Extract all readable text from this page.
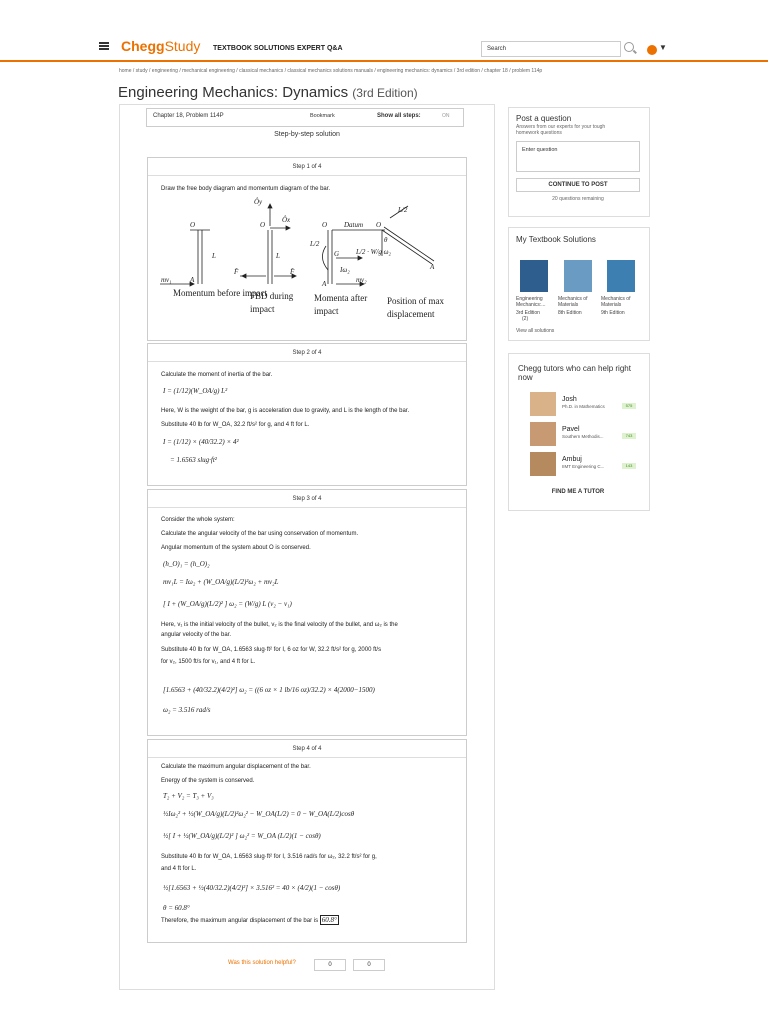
CheggStudy TEXTBOOK SOLUTIONS EXPERT Q&A	Search	▼
home / study / engineering / mechanical engineering / classical mechanics / classical mechanics solutions manuals / engineering mechanics: dynamics / 3rd edition / chapter 18 / problem 114p
Engineering Mechanics: Dynamics (3rd Edition)
Chapter 18, Problem 114P	Bookmark	Show all steps:	ON
Step-by-step solution
Step 1 of 4
Draw the free body diagram and momentum diagram of the bar.
O
A
L
mv₁
O
Ôy
Ôx
F̂	F̂
L
O Datum
L/2
G
Iω₂
L/2 · W/g ω₂
mv₂
A
O
L/2
θ
A
Momentum before impact
FBD during impact
Momenta after impact
Position of max displacement
Step 2 of 4
Calculate the moment of inertia of the bar.
I = (1/12)(W_OA/g) L²
Here, W is the weight of the bar, g is acceleration due to gravity, and L is the length of the bar.
Substitute 40 lb for W_OA, 32.2 ft/s² for g, and 4 ft for L.
I = (1/12) × (40/32.2) × 4²
= 1.6563 slug·ft²
Step 3 of 4
Consider the whole system:
Calculate the angular velocity of the bar using conservation of momentum.
Angular momentum of the system about O is conserved.
(h_O)₁ = (h_O)₂
mv₁L = Iω₂ + (W_OA/g)(L/2)²ω₂ + mv₂L
[ I + (W_OA/g)(L/2)² ] ω₂ = (W/g) L (v₂ − v₁)
Here, v₁ is the initial velocity of the bullet, v₂ is the final velocity of the bullet, and ω₂ is the
angular velocity of the bar.
Substitute 40 lb for W_OA, 1.6563 slug·ft² for I, 6 oz for W, 32.2 ft/s² for g, 2000 ft/s
for v₂, 1500 ft/s for v₁, and 4 ft for L.
[1.6563 + (40/32.2)(4/2)²] ω₂ = ((6 oz × 1 lb/16 oz)/32.2) × 4(2000−1500)
ω₂ = 3.516 rad/s
Step 4 of 4
Calculate the maximum angular displacement of the bar.
Energy of the system is conserved.
T₂ + V₂ = T₃ + V₃
½Iω₂² + ½(W_OA/g)(L/2)²ω₂² − W_OA(L/2) = 0 − W_OA(L/2)cosθ
½[ I + ½(W_OA/g)(L/2)² ] ω₂² = W_OA (L/2)(1 − cosθ)
Substitute 40 lb for W_OA, 1.6563 slug·ft² for I, 3.516 rad/s for ω₂, 32.2 ft/s² for g,
and 4 ft for L.
½[1.6563 + ½(40/32.2)(4/2)²] × 3.516² = 40 × (4/2)(1 − cosθ)
θ = 60.8°
Therefore, the maximum angular displacement of the bar is 60.8°
Was this solution helpful?	0	0
Post a question
Answers from our experts for your tough homework questions
Enter question
CONTINUE TO POST
20 questions remaining
My Textbook Solutions
Engineering Mechanics:...
Mechanics of Materials
Mechanics of Materials
3rd Edition
(2)
8th Edition	9th Edition
View all solutions
Chegg tutors who can help right now
Josh
Ph.D. in Mathematics	575
Pavel
Southern Methodis...	743
Ambuj
IIMT Engineering C...	143
FIND ME A TUTOR
